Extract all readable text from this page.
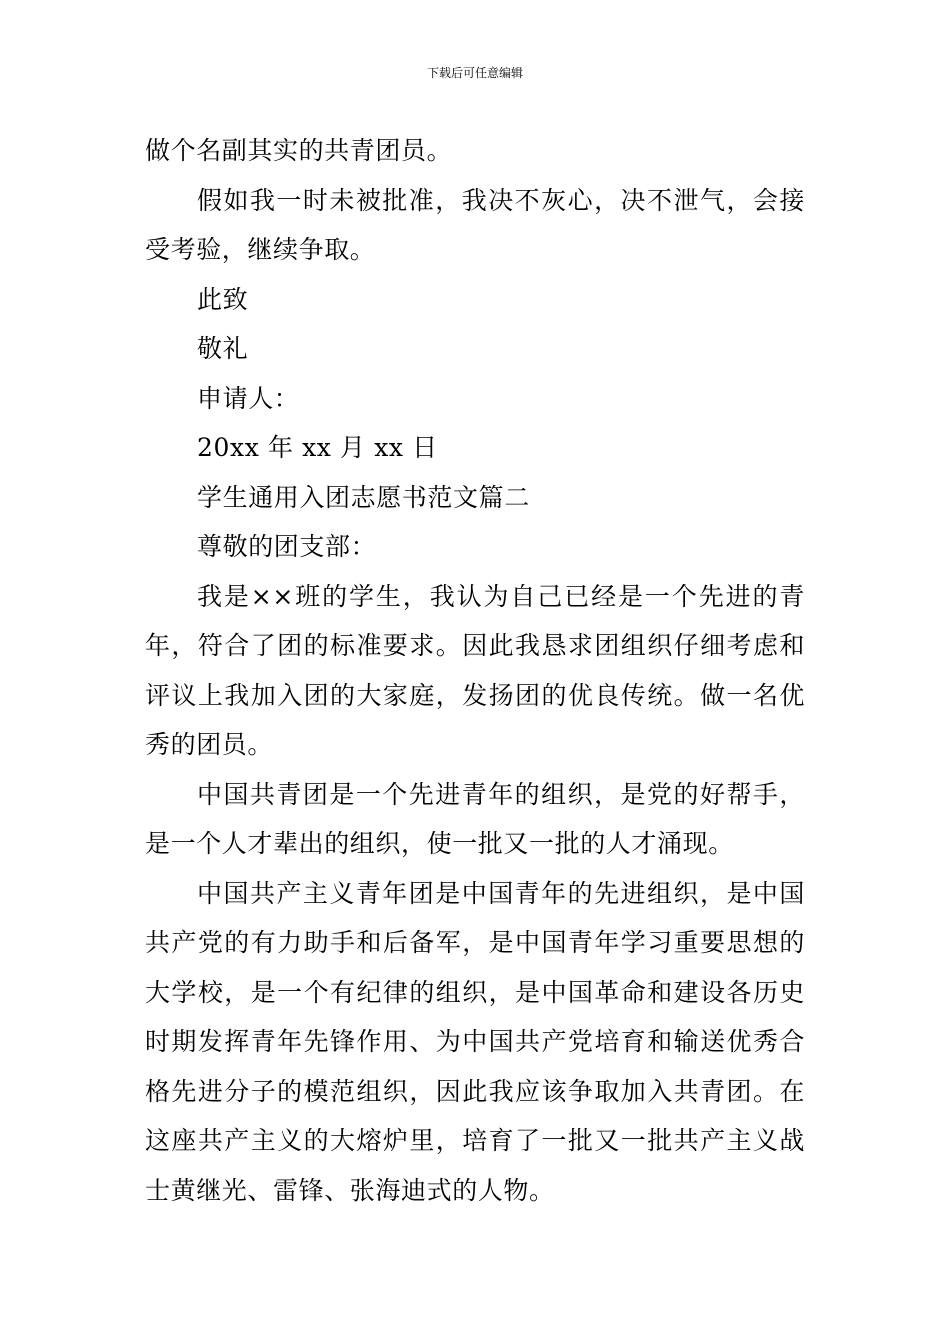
下载后可任意编辑
做个名副其实的共青团员。
假如我一时未被批准，我决不灰心，决不泄气，会接
受考验，继续争取。
此致
敬礼
申请人：
20xx 年 xx 月 xx 日
学生通用入团志愿书范文篇二
尊敬的团支部：
我是××班的学生，我认为自己已经是一个先进的青
年，符合了团的标准要求。因此我恳求团组织仔细考虑和
评议上我加入团的大家庭，发扬团的优良传统。做一名优
秀的团员。
中国共青团是一个先进青年的组织，是党的好帮手，
是一个人才辈出的组织，使一批又一批的人才涌现。
中国共产主义青年团是中国青年的先进组织，是中国
共产党的有力助手和后备军，是中国青年学习重要思想的
大学校，是一个有纪律的组织，是中国革命和建设各历史
时期发挥青年先锋作用、为中国共产党培育和输送优秀合
格先进分子的模范组织，因此我应该争取加入共青团。在
这座共产主义的大熔炉里，培育了一批又一批共产主义战
士黄继光、雷锋、张海迪式的人物。
